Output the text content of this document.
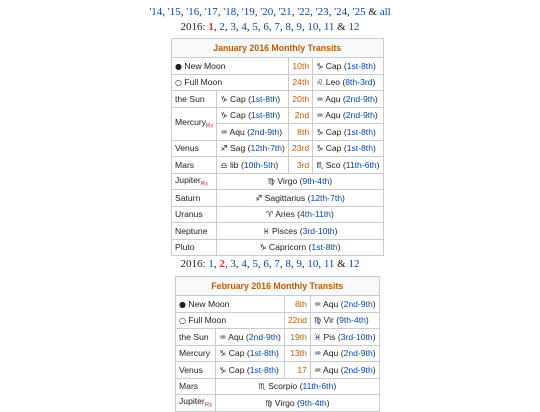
'14, '15, '16, '17, '18, '19, '20, '21, '22, '23, '24, '25 & all
2016: 1, 2, 3, 4, 5, 6, 7, 8, 9, 10, 11 & 12
January 2016 Monthly Transits			
● New Moon		10th	♑ Cap (1st-8th)
○ Full Moon		24th	♌ Leo (8th-3rd)
the Sun	♑ Cap (1st-8th)	20th	♒ Aqu (2nd-9th)
Mercury$_{Rx}$	♑ Cap (1st-8th)	2nd	♒ Aqu (2nd-9th)
	♒ Aqu (2nd-9th)	8th	♑ Cap (1st-8th)
Venus	♐ Sag (12th-7th)	23rd	♑ Cap (1st-8th)
Mars	♎ lib (10th-5th)	3rd	♏ Sco (11th-6th)
Jupiter$_{Rx}$	♍ Virgo (9th-4th)		
Saturn	♐ Sagittarius (12th-7th)		
Uranus	♈ Aries (4th-11th)		
Neptune	♓ Pisces (3rd-10th)		
Pluto	♑ Capricorn (1st-8th)		
2016: 1, 2, 3, 4, 5, 6, 7, 8, 9, 10, 11 & 12
February 2016 Monthly Transits			
● New Moon		8th	♒ Aqu (2nd-9th)
○ Full Moon		22nd	♍ Vir (9th-4th)
the Sun	♒ Aqu (2nd-9th)	19th	♓ Pis (3rd-10th)
Mercury	♑ Cap (1st-8th)	13th	♒ Aqu (2nd-9th)
Venus	♑ Cap (1st-8th)	17	♒ Aqu (2nd-9th)
Mars	♏ Scorpio (11th-6th)		
Jupiter$_{Rx}$	♍ Virgo (9th-4th)		
